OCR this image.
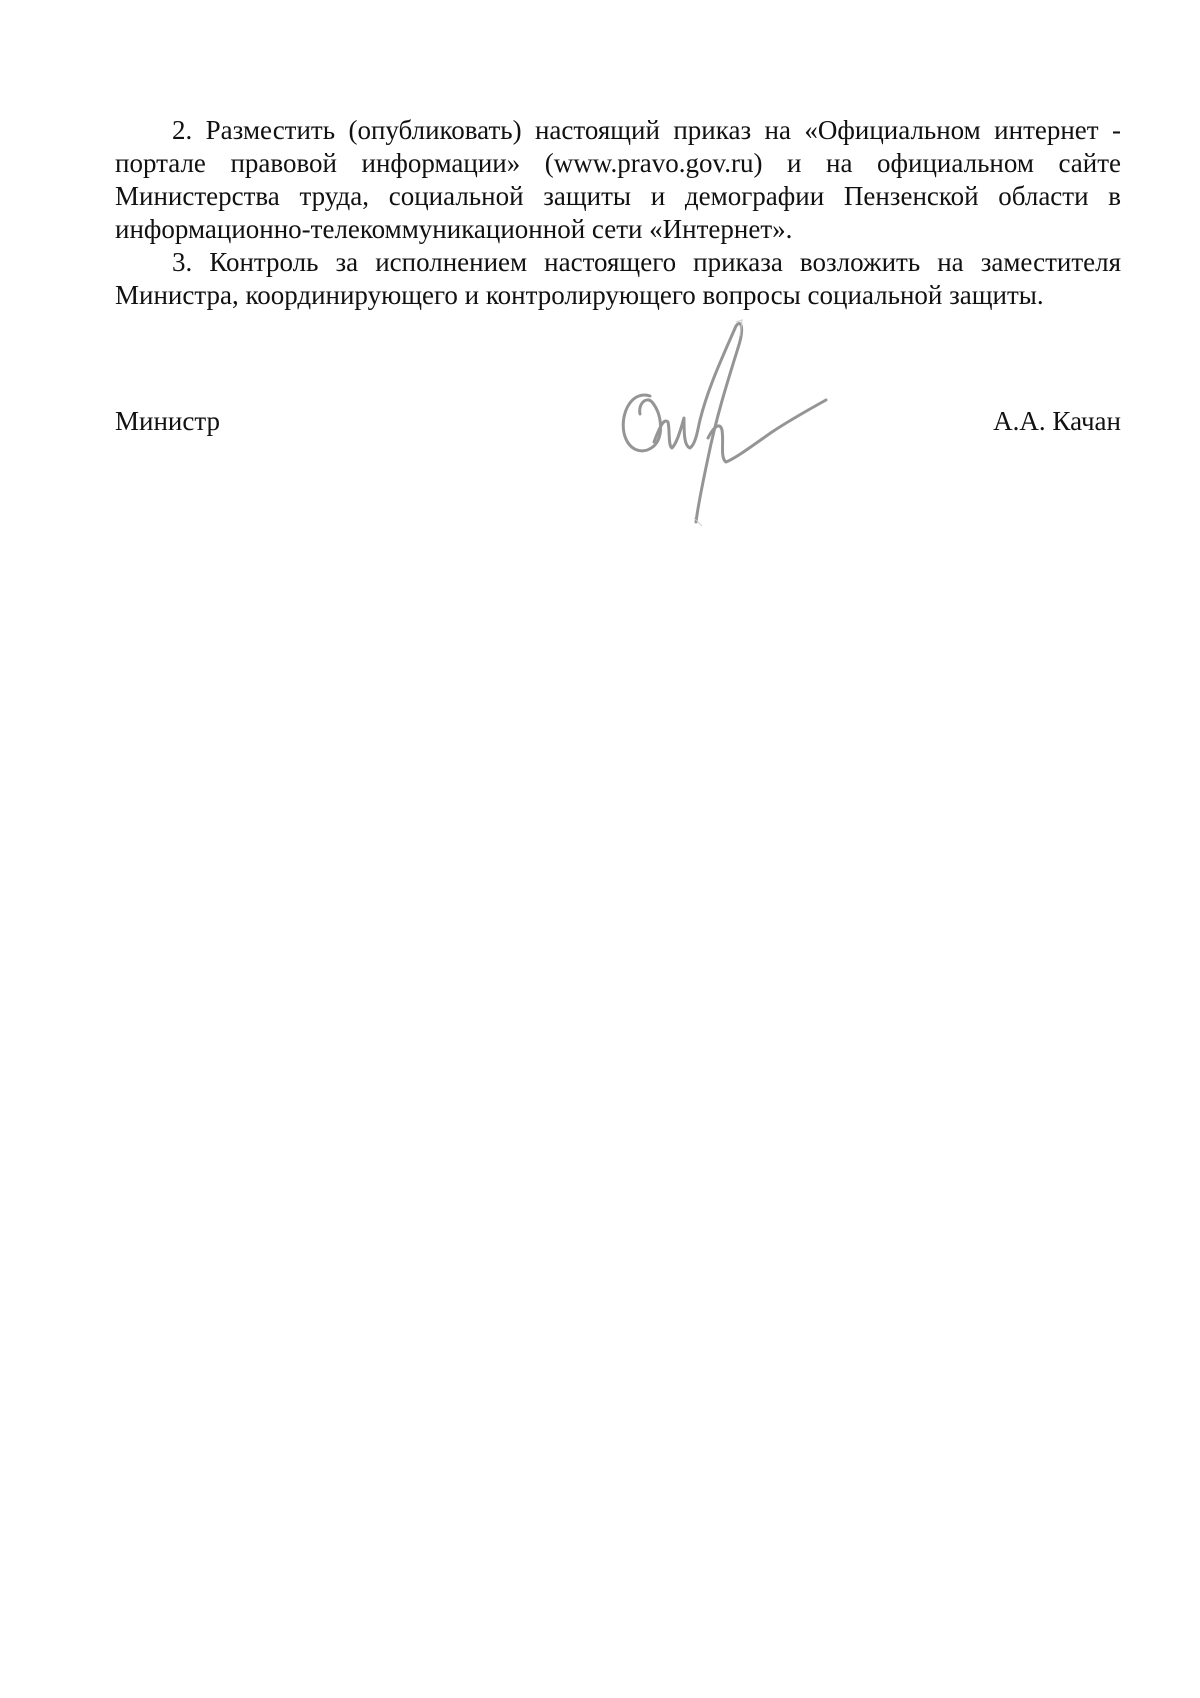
2. Разместить (опубликовать) настоящий приказ на «Официальном интернет - портале правовой информации» (www.pravo.gov.ru) и на официальном сайте Министерства труда, социальной защиты и демографии Пензенской области в информационно-телекоммуникационной сети «Интернет».

3. Контроль за исполнением настоящего приказа возложить на заместителя Министра, координирующего и контролирующего вопросы социальной защиты.

Министр	А.А. Качан
